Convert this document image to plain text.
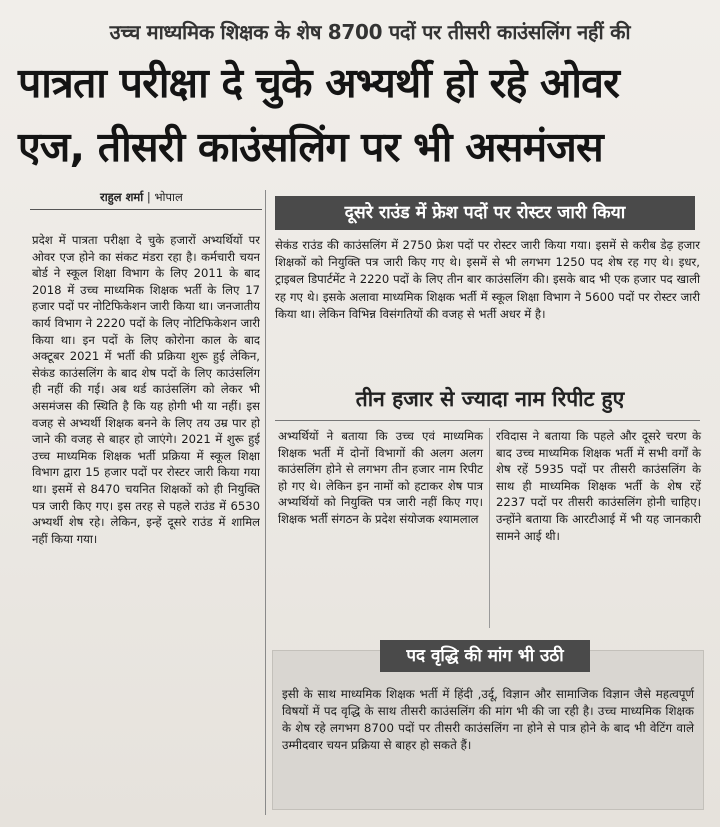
उच्च माध्यमिक शिक्षक के शेष 8700 पदों पर तीसरी काउंसलिंग नहीं की
पात्रता परीक्षा दे चुके अभ्यर्थी हो रहे ओवर
एज, तीसरी काउंसलिंग पर भी असमंजस
राहुल शर्मा | भोपाल

प्रदेश में पात्रता परीक्षा दे चुके हजारों अभ्यर्थियों पर ओवर एज होने का संकट मंडरा रहा है। कर्मचारी चयन बोर्ड ने स्कूल शिक्षा विभाग के लिए 2011 के बाद 2018 में उच्च माध्यमिक शिक्षक भर्ती के लिए 17 हजार पदों पर नोटिफिकेशन जारी किया था। जनजातीय कार्य विभाग ने 2220 पदों के लिए नोटिफिकेशन जारी किया था। इन पदों के लिए कोरोना काल के बाद अक्टूबर 2021 में भर्ती की प्रक्रिया शुरू हुई लेकिन, सेकंड काउंसलिंग के बाद शेष पदों के लिए काउंसलिंग ही नहीं की गई। अब थर्ड काउंसलिंग को लेकर भी असमंजस की स्थिति है कि यह होगी भी या नहीं। इस वजह से अभ्यर्थी शिक्षक बनने के लिए तय उम्र पार हो जाने की वजह से बाहर हो जाएंगे। 2021 में शुरू हुई उच्च माध्यमिक शिक्षक भर्ती प्रक्रिया में स्कूल शिक्षा विभाग द्वारा 15 हजार पदों पर रोस्टर जारी किया गया था। इसमें से 8470 चयनित शिक्षकों को ही नियुक्ति पत्र जारी किए गए। इस तरह से पहले राउंड में 6530 अभ्यर्थी शेष रहे। लेकिन, इन्हें दूसरे राउंड में शामिल नहीं किया गया।

दूसरे राउंड में फ्रेश पदों पर रोस्टर जारी किया
सेकंड राउंड की काउंसलिंग में 2750 फ्रेश पदों पर रोस्टर जारी किया गया। इसमें से करीब डेढ़ हजार शिक्षकों को नियुक्ति पत्र जारी किए गए थे। इसमें से भी लगभग 1250 पद शेष रह गए थे। इधर, ट्राइबल डिपार्टमेंट ने 2220 पदों के लिए तीन बार काउंसलिंग की। इसके बाद भी एक हजार पद खाली रह गए थे। इसके अलावा माध्यमिक शिक्षक भर्ती में स्कूल शिक्षा विभाग ने 5600 पदों पर रोस्टर जारी किया था। लेकिन विभिन्न विसंगतियों की वजह से भर्ती अधर में है।
तीन हजार से ज्यादा नाम रिपीट हुए
अभ्यर्थियों ने बताया कि उच्च एवं माध्यमिक शिक्षक भर्ती में दोनों विभागों की अलग अलग काउंसलिंग होने से लगभग तीन हजार नाम रिपीट हो गए थे। लेकिन इन नामों को हटाकर शेष पात्र अभ्यर्थियों को नियुक्ति पत्र जारी नहीं किए गए। शिक्षक भर्ती संगठन के प्रदेश संयोजक श्यामलाल
रविदास ने बताया कि पहले और दूसरे चरण के बाद उच्च माध्यमिक शिक्षक भर्ती में सभी वर्गों के शेष रहें 5935 पदों पर तीसरी काउंसलिंग के साथ ही माध्यमिक शिक्षक भर्ती के शेष रहें 2237 पदों पर तीसरी काउंसलिंग होनी चाहिए। उन्होंने बताया कि आरटीआई में भी यह जानकारी सामने आई थी।
पद वृद्धि की मांग भी उठी
इसी के साथ माध्यमिक शिक्षक भर्ती में हिंदी ,उर्दू, विज्ञान और सामाजिक विज्ञान जैसे महत्वपूर्ण विषयों में पद वृद्धि के साथ तीसरी काउंसलिंग की मांग भी की जा रही है। उच्च माध्यमिक शिक्षक के शेष रहे लगभग 8700 पदों पर तीसरी काउंसलिंग ना होने से पात्र होने के बाद भी वेटिंग वाले उम्मीदवार चयन प्रक्रिया से बाहर हो सकते हैं।
